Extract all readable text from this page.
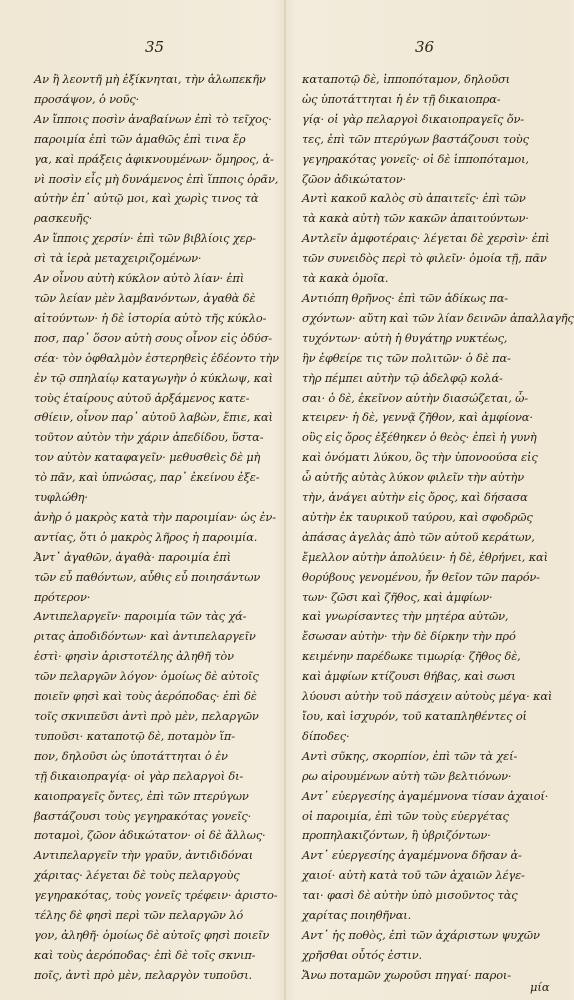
35	36
Αν ἢ λεοντῆ μὴ ἐξίκνηται, τὴν ἀλωπεκῆν
προσάψον, ὁ νοῦς·
Αν ἴπποις ποσὶν ἀναβαίνων ἐπὶ τὸ τεῖχος·
παροιμία ἐπὶ τῶν ἁμαθῶς ἐπὶ τινα ἔρ
γα, καὶ πράξεις ἀφικνουμένων· ὅμηρος, ἀ-
νὶ ποσὶν εἶς μὴ δυνάμενος ἐπὶ ἵπποις ὁρᾶν,
αὐτὴν ἐπ᾿ αὐτῷ μοι, καὶ χωρὶς τινος τὰ
ρασκευῆς·
Αν ἴπποις χερσίν· ἐπὶ τῶν βιβλίοις χερ-
σὶ τὰ ἱερὰ μεταχειριζομένων·
Αν οἶνου αὐτὴ κύκλον αὐτὸ λίαν· ἐπὶ
τῶν λείαν μὲν λαμβανόντων, ἀγαθὰ δὲ
αἰτούντων· ἡ δὲ ἱστορία αὐτὸ τῆς κύκλο-
ποσ, παρ᾿ ὅσον αὐτὴ σους οἶνον εἰς ὀδύσ-
σέα· τὸν ὀφθαλμὸν ἐστερηθεὶς ἐδέοντο τὴν
ἐν τῷ σπηλαίῳ καταγωγὴν ὁ κύκλωψ, καὶ
τοὺς ἑταίρους αὐτοῦ ἀρξάμενος κατε-
σθίειν, οἶνον παρ᾿ αὐτοῦ λαβὼν, ἔπιε, καὶ
τοῦτον αὐτὸν τὴν χάριν ἀπεδίδου, ὕστα-
τον αὐτὸν καταφαγεῖν· μεθυσθεὶς δὲ μὴ
τὸ πᾶν, καὶ ὑπνώσας, παρ᾿ ἐκείνου ἐξε-
τυφλώθη·
ἀνὴρ ὁ μακρὸς κατὰ τὴν παροιμίαν· ὡς ἐν-
αντίας, ὅτι ὁ μακρὸς λῆρος ἡ παροιμία.
Ἀντ᾿ ἀγαθῶν, ἀγαθὰ· παροιμία ἐπὶ
τῶν εὖ παθόντων, αὖθις εὖ ποιησάντων
πρότερον·
Αντιπελαργεῖν· παροιμία τῶν τὰς χά-
ριτας ἀποδιδόντων· καὶ ἀντιπελαργεῖν
ἐστὶ· φησὶν ἀριστοτέλης ἀληθῆ τὸν
τῶν πελαργῶν λόγον· ὁμοίως δὲ αὐτοῖς
ποιεῖν φησὶ καὶ τοὺς ἀερόποδας· ἐπὶ δὲ
τοῖς σκνιπεῦσι ἀντὶ πρὸ μὲν, πελαργῶν
τυποῦσι· καταποτῷ δὲ, ποταμὸν ἵπ-
πον, δηλοῦσι ὡς ὑποτάττηται ὁ ἐν
τῇ δικαιοπραγίᾳ· οἱ γὰρ πελαργοὶ δι-
καιοπραγεῖς ὄντες, ἐπὶ τῶν πτερύγων
βαστάζουσι τοὺς γεγηρακότας γονεῖς·
ποταμοὶ, ζῶον ἀδικώτατον· οἱ δὲ ἄλλως·
Αντιπελαργεῖν τὴν γραῦν, ἀντιδιδόναι
χάριτας· λέγεται δὲ τοὺς πελαργοὺς
γεγηρακότας, τοὺς γονεῖς τρέφειν· ἀριστο-
τέλης δὲ φησὶ περὶ τῶν πελαργῶν λό
γον, ἀληθῆ· ὁμοίως δὲ αὐτοῖς φησὶ ποιεῖν
καὶ τοὺς ἀερόποδας· ἐπὶ δὲ τοῖς σκνιπ-
ποῖς, ἀντὶ πρὸ μὲν, πελαργὸν τυποῦσι.
καταποτῷ δὲ, ἱπποπόταμον, δηλοῦσι
ὡς ὑποτάττηται ἡ ἐν τῇ δικαιοπρα-
γίᾳ· οἱ γὰρ πελαργοὶ δικαιοπραγεῖς ὄν-
τες, ἐπὶ τῶν πτερύγων βαστάζουσι τοὺς
γεγηρακότας γονεῖς· οἱ δὲ ἱπποπόταμοι,
ζῶον ἀδικώτατον·
Αντὶ κακοῦ καλὸς σὺ ἀπαιτεῖς· ἐπὶ τῶν
τὰ κακὰ αὐτὴ τῶν κακῶν ἀπαιτούντων·
Αντλεῖν ἀμφοτέραις· λέγεται δὲ χερσὶν· ἐπὶ
τῶν συνειδὸς περὶ τὸ φιλεῖν· ὁμοία τῇ, πᾶν
τὰ κακὰ ὁμοῖα.
Αντιόπη θρῆνος· ἐπὶ τῶν ἀδίκως πα-
σχόντων· αὕτη καὶ τῶν λίαν δεινῶν ἀπαλλαγῆς
τυχόντων· αὐτὴ ἡ θυγάτηρ νυκτέως,
ἣν ἐφθείρε τις τῶν πολιτῶν· ὁ δὲ πα-
τὴρ πέμπει αὐτὴν τῷ ἀδελφῷ κολά-
σαι· ὁ δὲ, ἐκεῖνον αὐτὴν διασώζεται, ὦ-
κτειρεν· ἡ δὲ, γεννᾷ ζῆθον, καὶ ἀμφίονα·
οὓς εἰς ὄρος ἐξέθηκεν ὁ θεὸς· ἐπεὶ ἡ γυνὴ
καὶ ὀνόματι λύκου, ὃς τὴν ὑπονοούσα εἰς
ὧ αὐτῆς αὐτὰς λύκον φιλεῖν τὴν αὐτὴν
τὴν, ἀνάγει αὐτὴν εἰς ὄρος, καὶ δήσασα
αὐτὴν ἐκ ταυρικοῦ ταύρου, καὶ σφοδρῶς
ἀπάσας ἀγελὰς ἀπὸ τῶν αὐτοῦ κεράτων,
ἔμελλον αὐτὴν ἀπολύειν· ἡ δὲ, ἐθρήνει, καὶ
θορύβους γενομένου, ἦν θεῖον τῶν παρόν-
των· ζῶσι καὶ ζῆθος, καὶ ἀμφίων·
καὶ γνωρίσαντες τὴν μητέρα αὐτῶν,
ἔσωσαν αὐτὴν· τὴν δὲ δίρκην τὴν πρό
κειμένην παρέδωκε τιμωρίᾳ· ζῆθος δὲ,
καὶ ἀμφίων κτίζουσι θήβας, καὶ σωσι
λύουσι αὐτὴν τοῦ πάσχειν αὐτοὺς μέγα· καὶ
ἴου, καὶ ἰσχυρόν, τοῦ καταπληθέντες οἱ
δίποδες·
Αντὶ σῦκης, σκορπίον, ἐπὶ τῶν τὰ χεί-
ρω αἱρουμένων αὐτὴ τῶν βελτιόνων·
Αντ᾿ εὐεργεσίης ἀγαμέμνονα τίσαν ἀχαιοί·
οἱ παροιμία, ἐπὶ τῶν τοὺς εὐεργέτας
προπηλακιζόντων, ἢ ὑβριζόντων·
Αντ᾿ εὐεργεσίης ἀγαμέμνονα δῆσαν ἀ-
χαιοί· αὐτὴ κατὰ τοῦ τῶν ἀχαιῶν λέγε-
ται· φασὶ δὲ αὐτὴν ὑπὸ μισοῦντος τὰς
χαρίτας ποιηθῆναι.
Αντ᾿ ἠς ποθὸς, ἐπὶ τῶν ἀχάριστων ψυχῶν
χρῆσθαι οὗτός ἐστιν.
Ἄνω ποταμῶν χωροῦσι πηγαί· παροι-
μία
